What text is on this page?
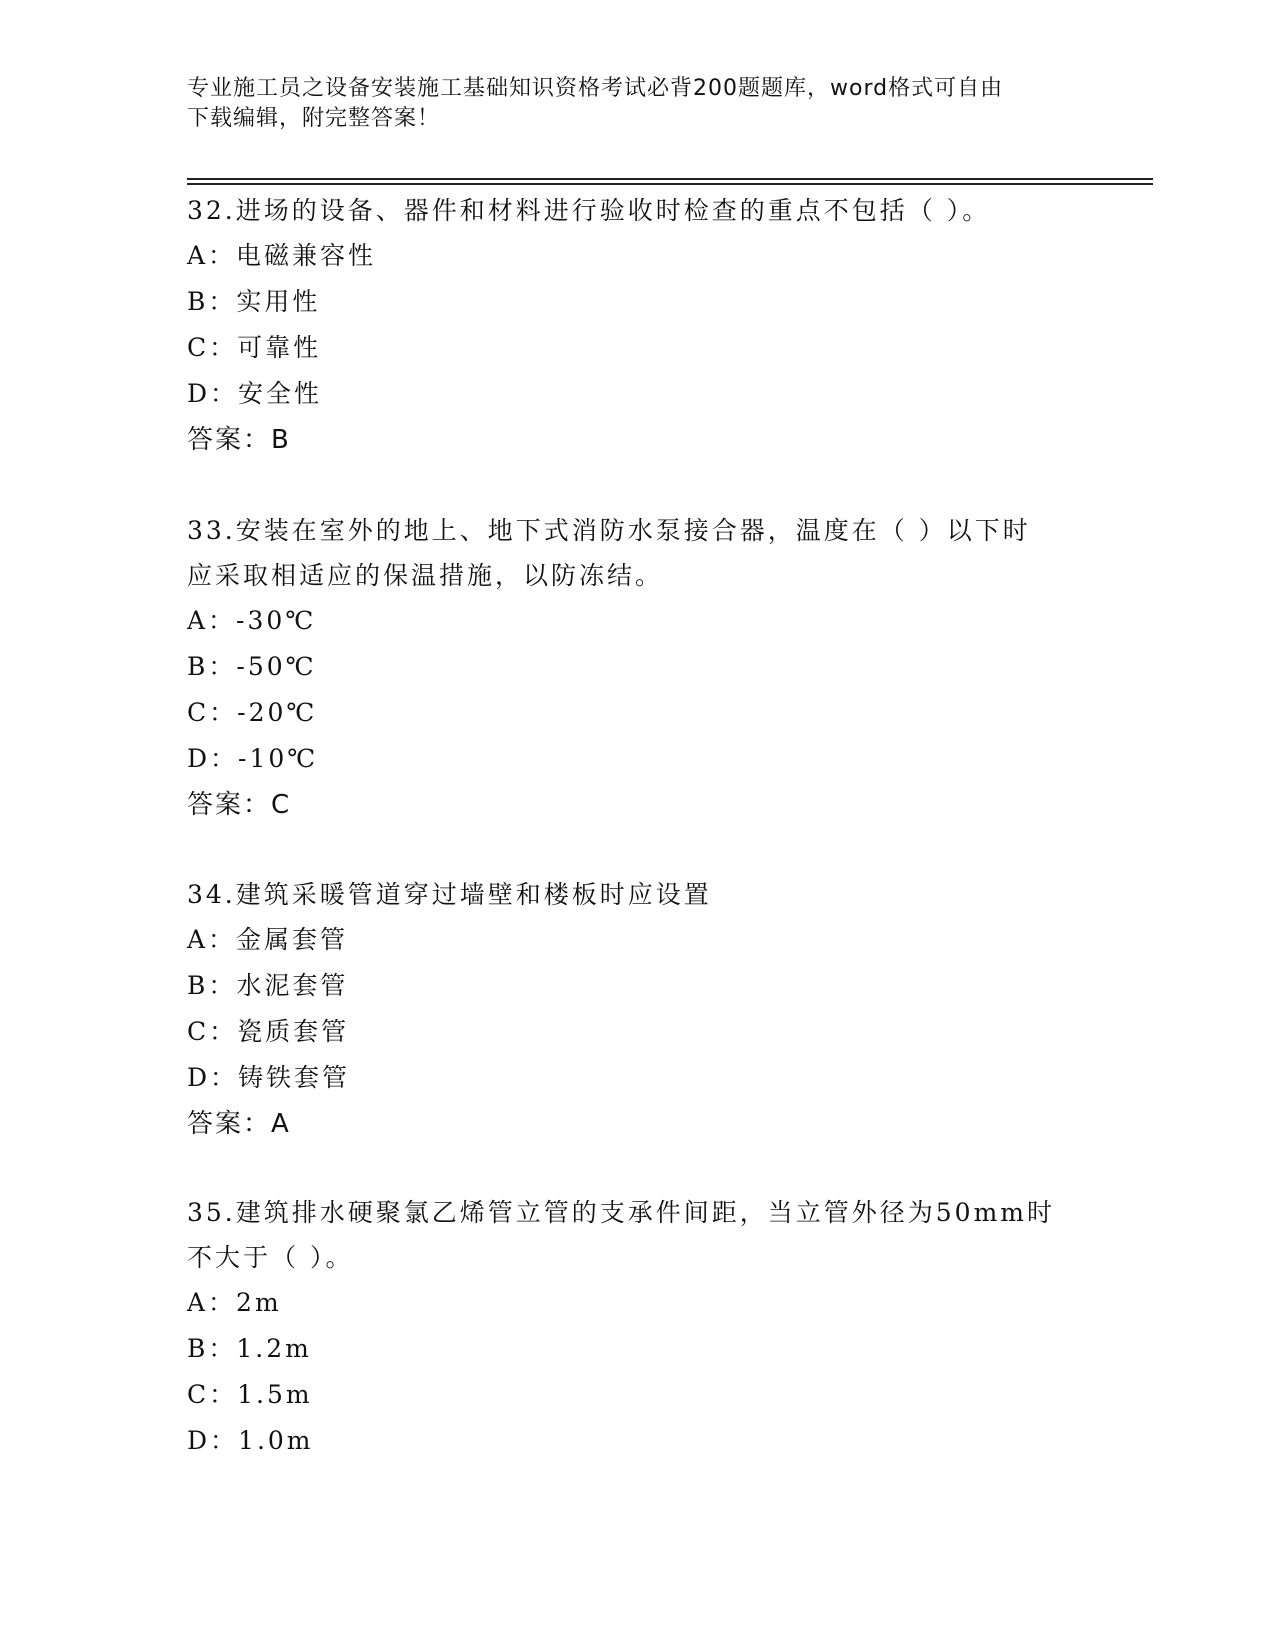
专业施工员之设备安装施工基础知识资格考试必背200题题库，word格式可自由
下载编辑，附完整答案！

32.进场的设备、器件和材料进行验收时检查的重点不包括（ ）。

A：电磁兼容性

B：实用性

C：可靠性

D：安全性

答案：B

33.安装在室外的地上、地下式消防水泵接合器，温度在（ ）以下时

应采取相适应的保温措施，以防冻结。

A：-30℃

B：-50℃

C：-20℃

D：-10℃

答案：C

34.建筑采暖管道穿过墙壁和楼板时应设置

A：金属套管

B：水泥套管

C：瓷质套管

D：铸铁套管

答案：A

35.建筑排水硬聚氯乙烯管立管的支承件间距，当立管外径为50mm时

不大于（ ）。

A：2m

B：1.2m

C：1.5m

D：1.0m
